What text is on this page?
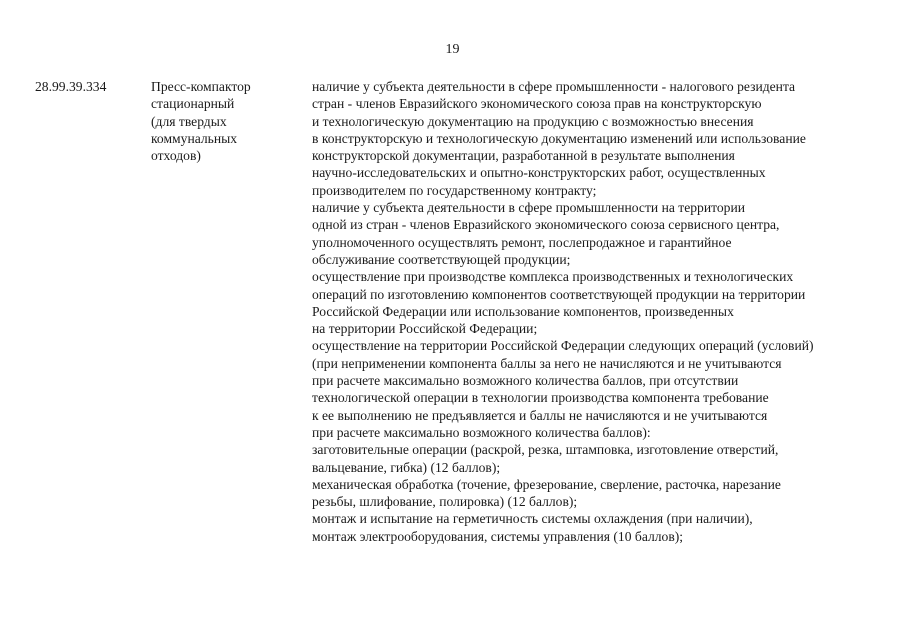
19
28.99.39.334	Пресс-компактор
стационарный
(для твердых
коммунальных
отходов)
наличие у субъекта деятельности в сфере промышленности - налогового резидента
стран - членов Евразийского экономического союза прав на конструкторскую
и технологическую документацию на продукцию с возможностью внесения
в конструкторскую и технологическую документацию изменений или использование
конструкторской документации, разработанной в результате выполнения
научно-исследовательских и опытно-конструкторских работ, осуществленных
производителем по государственному контракту;
наличие у субъекта деятельности в сфере промышленности на территории
одной из стран - членов Евразийского экономического союза сервисного центра,
уполномоченного осуществлять ремонт, послепродажное и гарантийное
обслуживание соответствующей продукции;
осуществление при производстве комплекса производственных и технологических
операций по изготовлению компонентов соответствующей продукции на территории
Российской Федерации или использование компонентов, произведенных
на территории Российской Федерации;
осуществление на территории Российской Федерации следующих операций (условий)
(при неприменении компонента баллы за него не начисляются и не учитываются
при расчете максимально возможного количества баллов, при отсутствии
технологической операции в технологии производства компонента требование
к ее выполнению не предъявляется и баллы не начисляются и не учитываются
при расчете максимально возможного количества баллов):
заготовительные операции (раскрой, резка, штамповка, изготовление отверстий,
вальцевание, гибка) (12 баллов);
механическая обработка (точение, фрезерование, сверление, расточка, нарезание
резьбы, шлифование, полировка) (12 баллов);
монтаж и испытание на герметичность системы охлаждения (при наличии),
монтаж электрооборудования, системы управления (10 баллов);
